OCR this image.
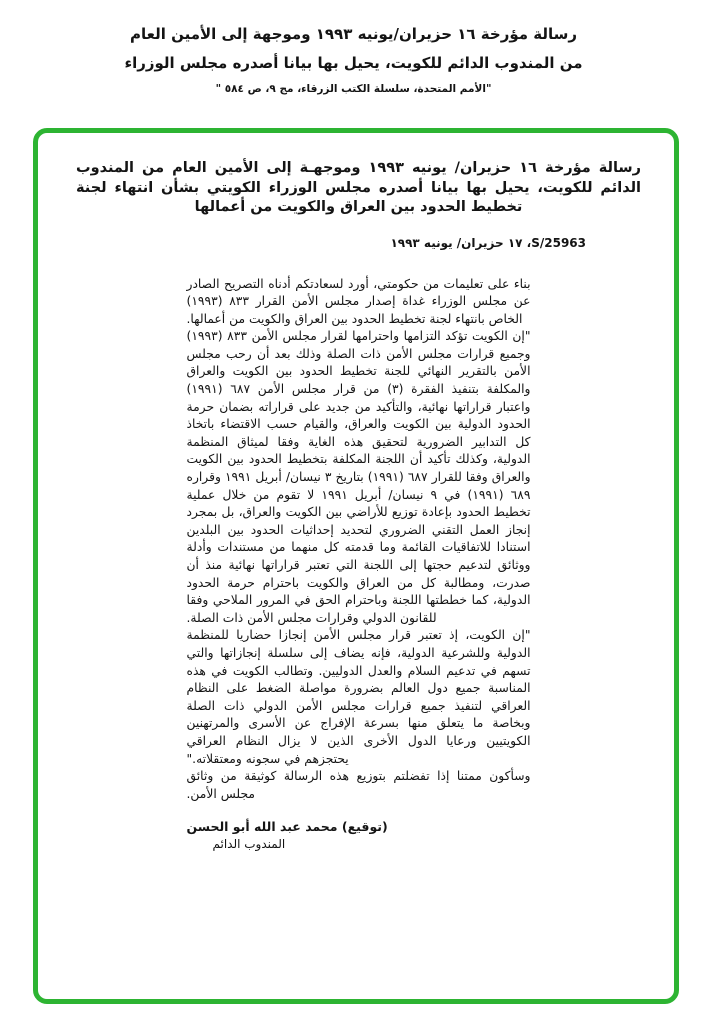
رسالة مؤرخة ١٦ حزيران/يونيه ١٩٩٣ وموجهة إلى الأمين العام
من المندوب الدائم للكويت، يحيل بها بيانا أصدره مجلس الوزراء
"الأمم المتحدة، سلسلة الكتب الزرقاء، مج ٩، ص ٥٨٤ "
رسالة مؤرخة ١٦ حزيران/ يونيه ١٩٩٣ وموجهـة إلى الأمين العام من المندوب الدائم للكويت، يحيل بها بيانا أصدره مجلس الوزراء الكويتي بشأن انتهاء لجنة تخطيط الحدود بين العراق والكويت من أعمالها
S/25963، ١٧ حزيران/ يونيه ١٩٩٣

بناء على تعليمات من حكومتي، أورد لسعادتكم أدناه التصريح الصادر عن مجلس الوزراء غداة إصدار مجلس الأمن القرار ٨٣٣ (١٩٩٣) الخاص بانتهاء لجنة تخطيط الحدود بين العراق والكويت من أعمالها.

"إن الكويت تؤكد التزامها واحترامها لقرار مجلس الأمن ٨٣٣ (١٩٩٣) وجميع قرارات مجلس الأمن ذات الصلة وذلك بعد أن رحب مجلس الأمن بالتقرير النهائي للجنة تخطيط الحدود بين الكويت والعراق والمكلفة بتنفيذ الفقرة (٣) من قرار مجلس الأمن ٦٨٧ (١٩٩١) واعتبار قراراتها نهائية، والتأكيد من جديد على قراراته بضمان حرمة الحدود الدولية بين الكويت والعراق، والقيام حسب الاقتضاء باتخاذ كل التدابير الضرورية لتحقيق هذه الغاية وفقا لميثاق المنظمة الدولية، وكذلك تأكيد أن اللجنة المكلفة بتخطيط الحدود بين الكويت والعراق وفقا للقرار ٦٨٧ (١٩٩١) بتاريخ ٣ نيسان/ أبريل ١٩٩١ وقراره ٦٨٩ (١٩٩١) في ٩ نيسان/ أبريل ١٩٩١ لا تقوم من خلال عملية تخطيط الحدود بإعادة توزيع للأراضي بين الكويت والعراق، بل بمجرد إنجاز العمل التقني الضروري لتحديد إحداثيات الحدود بين البلدين استنادا للاتفاقيات القائمة وما قدمته كل منهما من مستندات وأدلة ووثائق لتدعيم حجتها إلى اللجنة التي تعتبر قراراتها نهائية منذ أن صدرت، ومطالبة كل من العراق والكويت باحترام حرمة الحدود الدولية، كما خططتها اللجنة وباحترام الحق في المرور الملاحي وفقا للقانون الدولي وقرارات مجلس الأمن ذات الصلة.

"إن الكويت، إذ تعتبر قرار مجلس الأمن إنجازا حضاريا للمنظمة الدولية وللشرعية الدولية، فإنه يضاف إلى سلسلة إنجازاتها والتي تسهم في تدعيم السلام والعدل الدوليين. وتطالب الكويت في هذه المناسبة جميع دول العالم بضرورة مواصلة الضغط على النظام العراقي لتنفيذ جميع قرارات مجلس الأمن الدولي ذات الصلة وبخاصة ما يتعلق منها بسرعة الإفراج عن الأسرى والمرتهنين الكويتيين ورعايا الدول الأخرى الذين لا يزال النظام العراقي يحتجزهم في سجونه ومعتقلاته."

وسأكون ممتنا إذا تفضلتم بتوزيع هذه الرسالة كوثيقة من وثائق مجلس الأمن.

(توقيع) محمد عبد الله أبو الحسن
المندوب الدائم
